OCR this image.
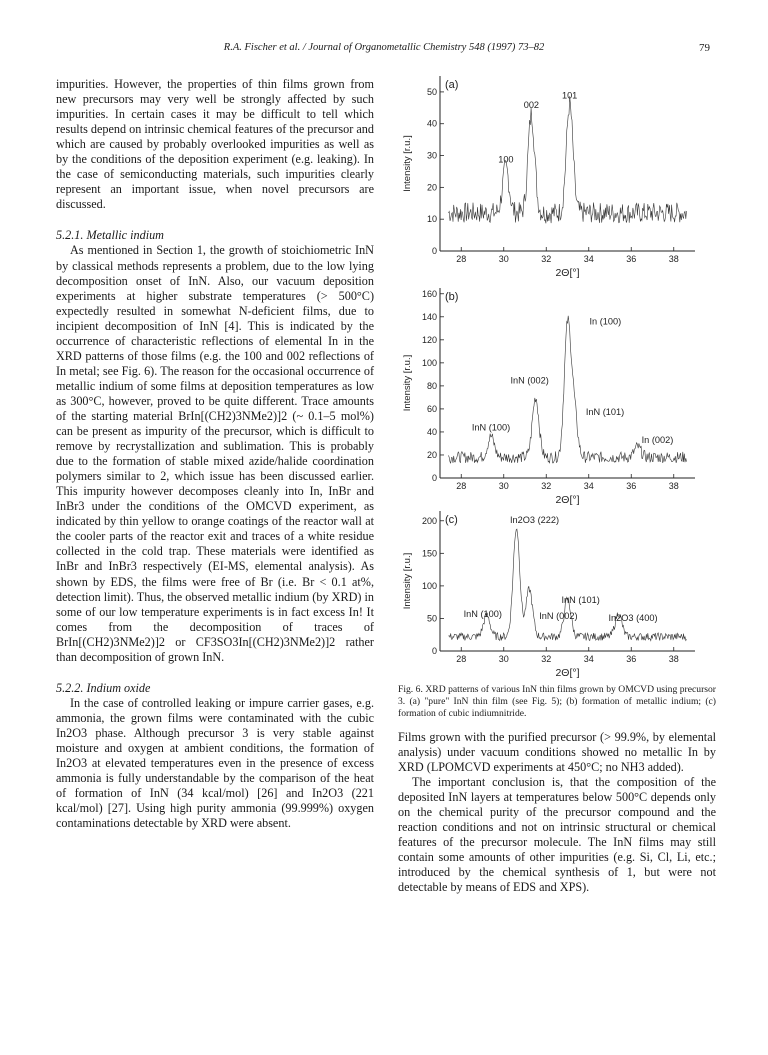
R.A. Fischer et al. / Journal of Organometallic Chemistry 548 (1997) 73–82	79

impurities. However, the properties of thin films grown from new precursors may very well be strongly affected by such impurities. In certain cases it may be difficult to tell which results depend on intrinsic chemical features of the precursor and which are caused by probably overlooked impurities as well as by the conditions of the deposition experiment (e.g. leaking). In the case of semiconducting materials, such impurities clearly represent an important issue, when novel precursors are discussed.

5.2.1. Metallic indium

As mentioned in Section 1, the growth of stoichiometric InN by classical methods represents a problem, due to the low lying decomposition onset of InN. Also, our vacuum deposition experiments at higher substrate temperatures (> 500°C) expectedly resulted in somewhat N-deficient films, due to incipient decomposition of InN [4]. This is indicated by the occurrence of characteristic reflections of elemental In in the XRD patterns of those films (e.g. the 100 and 002 reflections of In metal; see Fig. 6). The reason for the occasional occurrence of metallic indium of some films at deposition temperatures as low as 300°C, however, proved to be quite different. Trace amounts of the starting material BrIn[(CH2)3NMe2)]2 (~ 0.1–5 mol%) can be present as impurity of the precursor, which is difficult to remove by recrystallization and sublimation. This is probably due to the formation of stable mixed azide/halide coordination polymers similar to 2, which issue has been discussed earlier. This impurity however decomposes cleanly into In, InBr and InBr3 under the conditions of the OMCVD experiment, as indicated by thin yellow to orange coatings of the reactor wall at the cooler parts of the reactor exit and traces of a white residue collected in the cold trap. These materials were identified as InBr and InBr3 respectively (EI-MS, elemental analysis). As shown by EDS, the films were free of Br (i.e. Br < 0.1 at%, detection limit). Thus, the observed metallic indium (by XRD) in some of our low temperature experiments is in fact excess In! It comes from the decomposition of traces of BrIn[(CH2)3NMe2)]2 or CF3SO3In[(CH2)3NMe2)]2 rather than decomposition of grown InN.

5.2.2. Indium oxide

In the case of controlled leaking or impure carrier gases, e.g. ammonia, the grown films were contaminated with the cubic In2O3 phase. Although precursor 3 is very stable against moisture and oxygen at ambient conditions, the formation of In2O3 at elevated temperatures even in the presence of excess ammonia is fully understandable by the comparison of the heat of formation of InN (34 kcal/mol) [26] and In2O3 (221 kcal/mol) [27]. Using high purity ammonia (99.999%) oxygen contaminations detectable by XRD were absent.

0
10
20
30
40
50
28	30	32	34	36	38
2Θ[°]
Intensity [r.u.]
(a)
100
002
101
0
20
40
60
80
100
120
140
160
28	30	32	34	36	38
2Θ[°]
Intensity [r.u.]
(b)
InN (100)
InN (002)
In (100)
InN (101)
In (002)
0
50
100
150
200
28	30	32	34	36	38
2Θ[°]
Intensity [r.u.]
(c)
InN (100)
In2O3 (222)
InN (002)
InN (101)
In2O3 (400)
Fig. 6. XRD patterns of various InN thin films grown by OMCVD using precursor 3. (a) "pure" InN thin film (see Fig. 5); (b) formation of metallic indium; (c) formation of cubic indiumnitride.

Films grown with the purified precursor (> 99.9%, by elemental analysis) under vacuum conditions showed no metallic In by XRD (LPOMCVD experiments at 450°C; no NH3 added).

The important conclusion is, that the composition of the deposited InN layers at temperatures below 500°C depends only on the chemical purity of the precursor compound and the reaction conditions and not on intrinsic structural or chemical features of the precursor molecule. The InN films may still contain some amounts of other impurities (e.g. Si, Cl, Li, etc.; introduced by the chemical synthesis of 1, but were not detectable by means of EDS and XPS).
